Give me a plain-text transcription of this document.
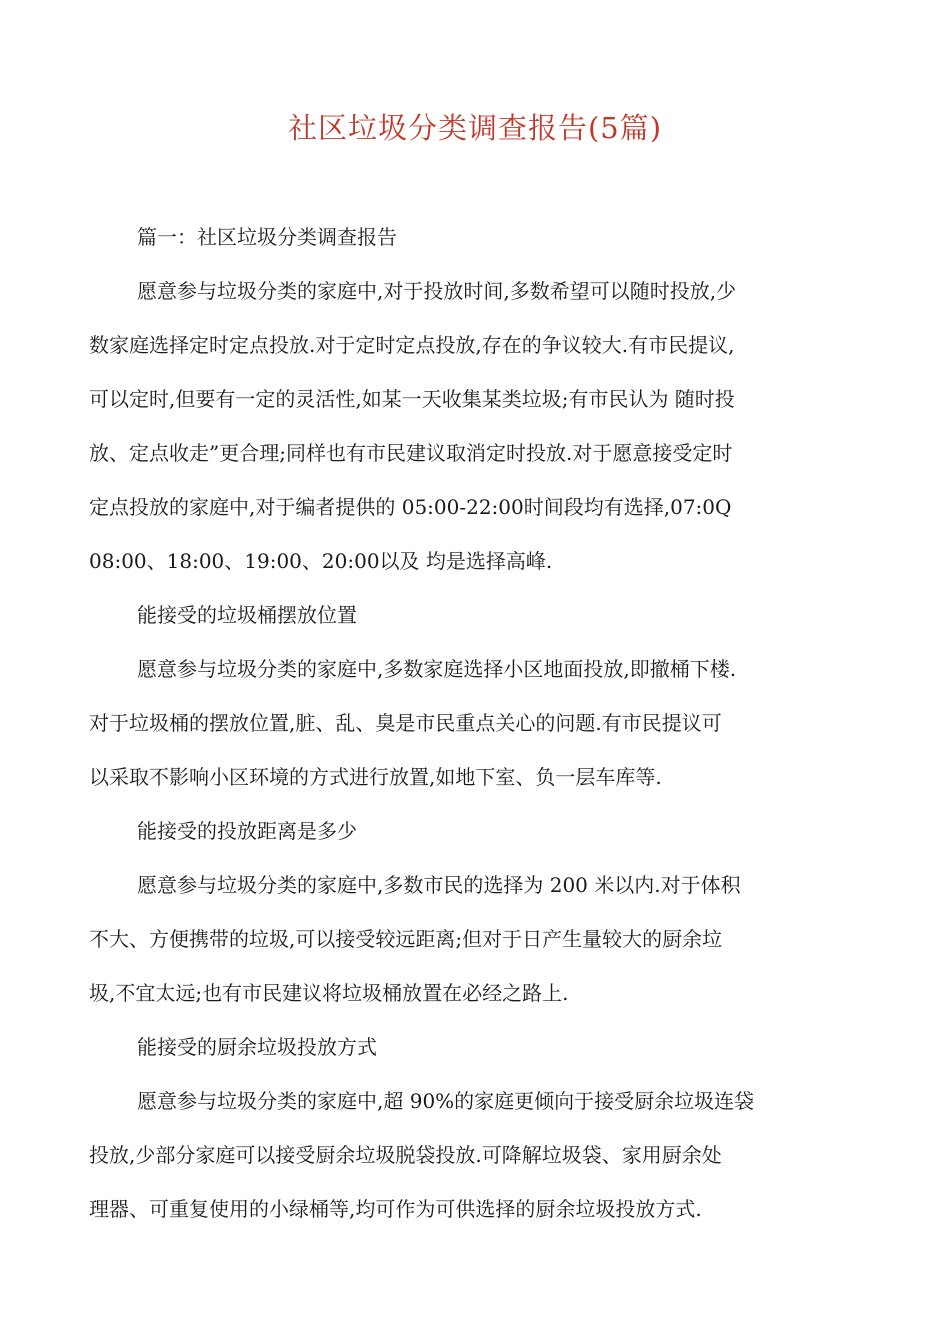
社区垃圾分类调查报告(5篇)

篇一：社区垃圾分类调查报告

愿意参与垃圾分类的家庭中,对于投放时间,多数希望可以随时投放,少
数家庭选择定时定点投放.对于定时定点投放,存在的争议较大.有市民提议,
可以定时,但要有一定的灵活性,如某一天收集某类垃圾;有市民认为 随时投
放、定点收走”更合理;同样也有市民建议取消定时投放.对于愿意接受定时
定点投放的家庭中,对于编者提供的 05:00-22:00时间段均有选择,07:0Q
08:00、18:00、19:00、20:00以及 均是选择高峰.

能接受的垃圾桶摆放位置

愿意参与垃圾分类的家庭中,多数家庭选择小区地面投放,即撤桶下楼.
对于垃圾桶的摆放位置,脏、乱、臭是市民重点关心的问题.有市民提议可
以采取不影响小区环境的方式进行放置,如地下室、负一层车库等.

能接受的投放距离是多少

愿意参与垃圾分类的家庭中,多数市民的选择为 200 米以内.对于体积
不大、方便携带的垃圾,可以接受较远距离;但对于日产生量较大的厨余垃
圾,不宜太远;也有市民建议将垃圾桶放置在必经之路上.

能接受的厨余垃圾投放方式

愿意参与垃圾分类的家庭中,超 90%的家庭更倾向于接受厨余垃圾连袋
投放,少部分家庭可以接受厨余垃圾脱袋投放.可降解垃圾袋、家用厨余处
理器、可重复使用的小绿桶等,均可作为可供选择的厨余垃圾投放方式.
